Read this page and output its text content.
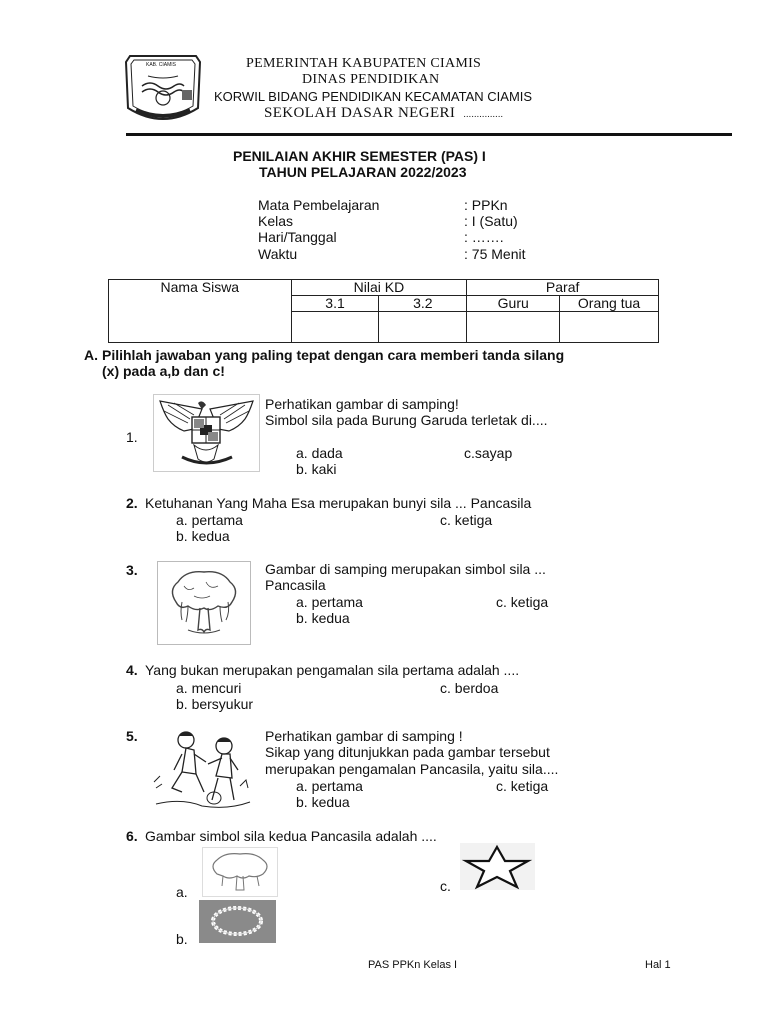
KAB. CIAMIS	PEMERINTAH KABUPATEN CIAMIS
DINAS PENDIDIKAN
KORWIL BIDANG PENDIDIKAN KECAMATAN CIAMIS
SEKOLAH DASAR NEGERI ...............
PENILAIAN AKHIR SEMESTER (PAS) I
TAHUN PELAJARAN 2022/2023
Mata Pembelajaran	: PPKn
Kelas	: I (Satu)
Hari/Tanggal	: …….
Waktu	: 75 Menit
Nama Siswa	Nilai KD		Paraf	
	3.1	3.2	Guru	Orang tua

A. Pilihlah jawaban yang paling tepat dengan cara memberi tanda silang
(x) pada a,b dan c!
1.
Perhatikan gambar di samping!
Simbol sila pada Burung Garuda terletak di....
a. dada	c.sayap
b. kaki
2. Ketuhanan Yang Maha Esa merupakan bunyi sila ... Pancasila
a. pertama	c. ketiga
b. kedua
3.	Gambar di samping merupakan simbol sila ...
Pancasila
a. pertama	c. ketiga
b. kedua
4. Yang bukan merupakan pengamalan sila pertama adalah ....
a. mencuri	c. berdoa
b. bersyukur
5.	Perhatikan gambar di samping !
Sikap yang ditunjukkan pada gambar tersebut
merupakan pengamalan Pancasila, yaitu sila....
a. pertama	c. ketiga
b. kedua
6. Gambar simbol sila kedua Pancasila adalah ....
a.
b.
c.
PAS PPKn Kelas I	Hal 1
